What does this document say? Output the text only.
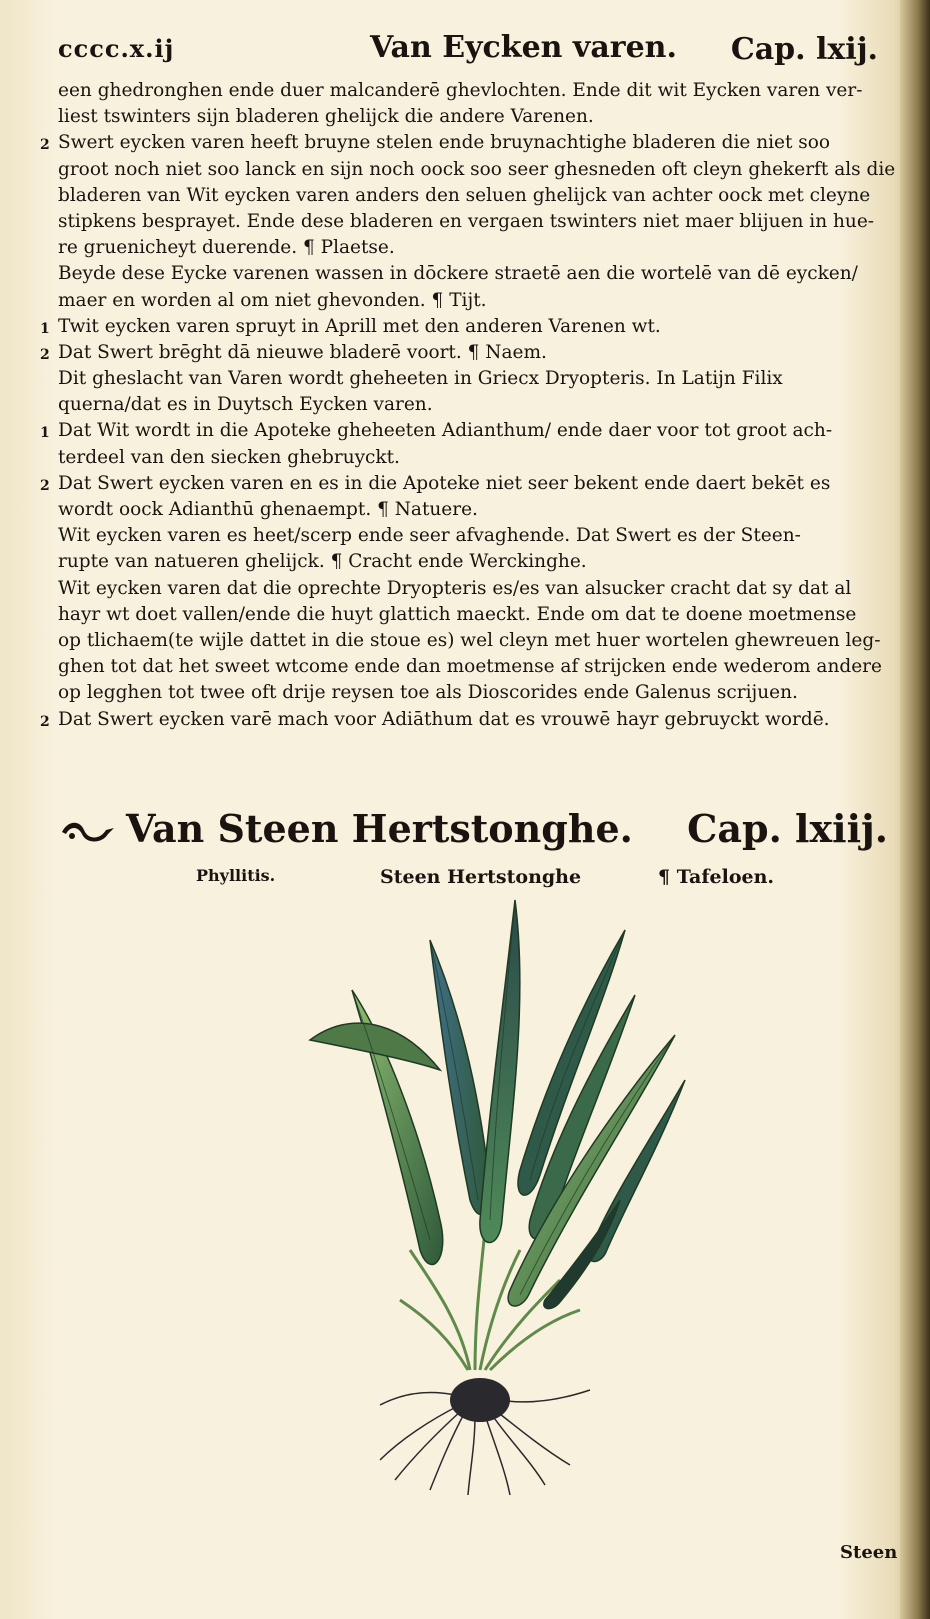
cccc.x.ij	Van Eycken varen. Cap. lxij.
een ghedronghen ende duer malcanderē ghevlochten. Ende dit wit Eycken varen ver-
liest tswinters sijn bladeren ghelijck die andere Varenen.
2 Swert eycken varen heeft bruyne stelen ende bruynachtighe bladeren die niet soo
groot noch niet soo lanck en sijn noch oock soo seer ghesneden oft cleyn ghekerft als die
bladeren van Wit eycken varen anders den seluen ghelijck van achter oock met cleyne
stipkens besprayet. Ende dese bladeren en vergaen tswinters niet maer blijuen in hue-
re gruenicheyt duerende. ¶ Plaetse.
Beyde dese Eycke varenen wassen in dōckere straetē aen die wortelē van dē eycken/
maer en worden al om niet ghevonden. ¶ Tijt.
1 Twit eycken varen spruyt in Aprill met den anderen Varenen wt.
2 Dat Swert brēght dā nieuwe bladerē voort. ¶ Naem.
Dit gheslacht van Varen wordt gheheeten in Griecx Dryopteris. In Latijn Filix
querna/dat es in Duytsch Eycken varen.
1 Dat Wit wordt in die Apoteke gheheeten Adianthum/ ende daer voor tot groot ach-
terdeel van den siecken ghebruyckt.
2 Dat Swert eycken varen en es in die Apoteke niet seer bekent ende daert bekēt es
wordt oock Adianthū ghenaempt. ¶ Natuere.
Wit eycken varen es heet/scerp ende seer afvaghende. Dat Swert es der Steen-
rupte van natueren ghelijck. ¶ Cracht ende Werckinghe.
Wit eycken varen dat die oprechte Dryopteris es/es van alsucker cracht dat sy dat al
hayr wt doet vallen/ende die huyt glattich maeckt. Ende om dat te doene moetmense
op tlichaem(te wijle dattet in die stoue es) wel cleyn met huer wortelen ghewreuen leg-
ghen tot dat het sweet wtcome ende dan moetmense af strijcken ende wederom andere
op legghen tot twee oft drije reysen toe als Dioscorides ende Galenus scrijuen.
2 Dat Swert eycken varē mach voor Adiāthum dat es vrouwē hayr gebruyckt wordē.
Van Steen Hertstonghe. Cap. lxiij.
Phyllitis.	Steen Hertstonghe	¶ Tafeloen.
Steen
